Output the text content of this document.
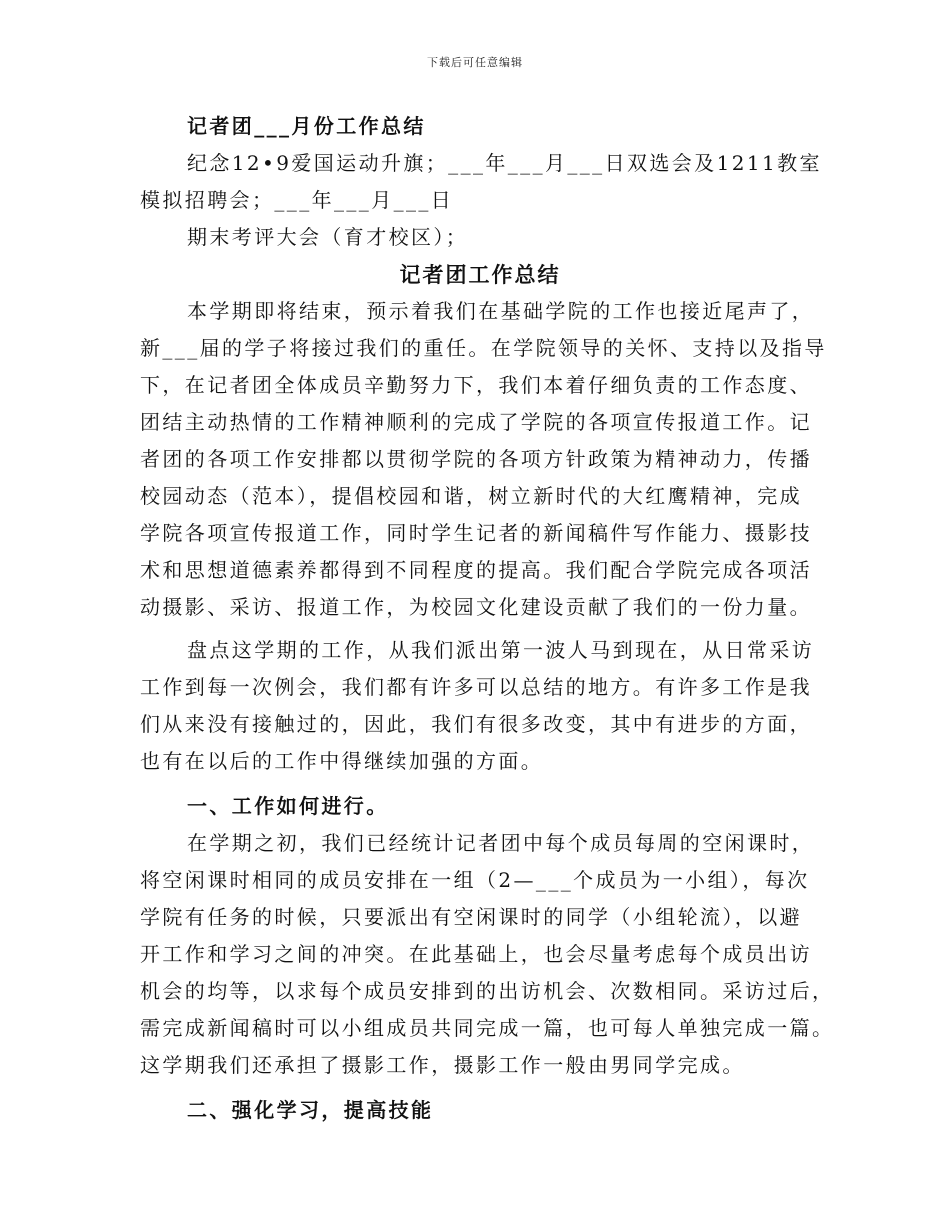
下载后可任意编辑
记者团___月份工作总结
纪念12•9爱国运动升旗；___年___月___日双选会及1211教室
模拟招聘会；___年___月___日
期末考评大会（育才校区）；
记者团工作总结
本学期即将结束，预示着我们在基础学院的工作也接近尾声了，
新___届的学子将接过我们的重任。在学院领导的关怀、支持以及指导
下，在记者团全体成员辛勤努力下，我们本着仔细负责的工作态度、
团结主动热情的工作精神顺利的完成了学院的各项宣传报道工作。记
者团的各项工作安排都以贯彻学院的各项方针政策为精神动力，传播
校园动态（范本），提倡校园和谐，树立新时代的大红鹰精神，完成
学院各项宣传报道工作，同时学生记者的新闻稿件写作能力、摄影技
术和思想道德素养都得到不同程度的提高。我们配合学院完成各项活
动摄影、采访、报道工作，为校园文化建设贡献了我们的一份力量。
盘点这学期的工作，从我们派出第一波人马到现在，从日常采访
工作到每一次例会，我们都有许多可以总结的地方。有许多工作是我
们从来没有接触过的，因此，我们有很多改变，其中有进步的方面，
也有在以后的工作中得继续加强的方面。
一、工作如何进行。
在学期之初，我们已经统计记者团中每个成员每周的空闲课时，
将空闲课时相同的成员安排在一组（2—___个成员为一小组），每次
学院有任务的时候，只要派出有空闲课时的同学（小组轮流），以避
开工作和学习之间的冲突。在此基础上，也会尽量考虑每个成员出访
机会的均等，以求每个成员安排到的出访机会、次数相同。采访过后，
需完成新闻稿时可以小组成员共同完成一篇，也可每人单独完成一篇。
这学期我们还承担了摄影工作，摄影工作一般由男同学完成。
二、强化学习，提高技能
